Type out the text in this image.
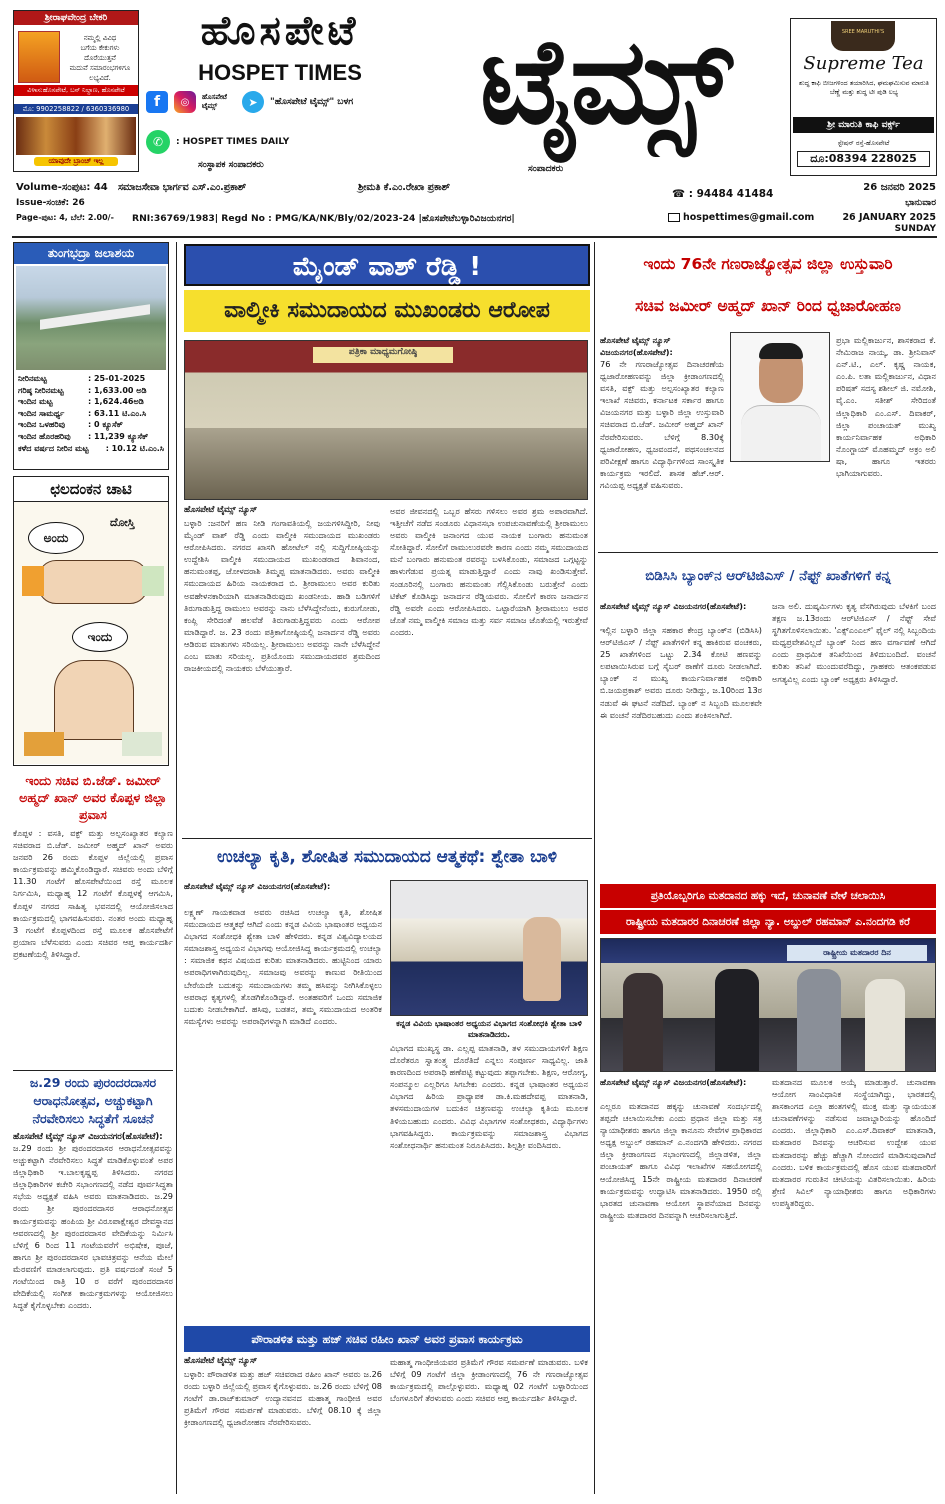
ಶ್ರೀರಾಘವೇಂದ್ರ ಬೇಕರಿ
ನಮ್ಮಲ್ಲಿ ವಿವಿಧ
ಬಗೆಯ ಕೇಕುಗಳು
ದೊರೆಯುತ್ತವೆ
ಮದುವೆ ಸಮಾರಂಭಗಳಿಗೂ ಲಭ್ಯವಿದೆ.
ವಿಳಾಸ:ಹೊಸಪೇಟೆ, ಬಸ್ ನಿಲ್ದಾಣ, ಹೊಸಪೇಟೆ
ಮೊ: 9902258822 / 6360336980
ಯಾವುದೇ ಬ್ರಾಂಚ್ ಇಲ್ಲ
ಹೊಸಪೇಟೆ
HOSPET TIMES
f	◎	ಹೊಸಪೇಟೆ ಟೈಮ್ಸ್	➤	"ಹೊಸಪೇಟೆ ಟೈಮ್ಸ್" ಬಳಗ
✆	: HOSPET TIMES DAILY	ಟೈಮ್ಸ್	SREE MARUTHI'S
Supreme Tea
ಶುದ್ಧ ಕಾಫಿ ಬೀಜಗಳಿಂದ ತಯಾರಿಸಿದ, ಘಮಘಮಿಸುವ ಮಾರುತಿ ಬೆಣ್ಣೆ ಮತ್ತು ಶುದ್ಧ ಟೀ ಪುಡಿ ಲಭ್ಯ
ಶ್ರೀ ಮಾರುತಿ ಕಾಫಿ ವರ್ಕ್ಸ್
ಸ್ಟೇಷನ್ ರಸ್ತೆ-ಹೊಸಪೇಟೆ
ದೂ:08394 228025
ಸಂಸ್ಥಾಪಕ ಸಂಪಾದಕರು	ಸಂಪಾದಕರು
ಸಮಾಜಸೇವಾ ಭಾರ್ಗವ ಎಸ್.ಎಂ.ಪ್ರಕಾಶ್	ಶ್ರೀಮತಿ ಕೆ.ಎಂ.ರೇಖಾ ಪ್ರಕಾಶ್
Volume-ಸಂಪುಟ: 44
Issue-ಸಂಚಿಕೆ: 26
Page-ಪುಟ: 4, ಬೆಲೆ: 2.00/-
☎ : 94484 41484
26 ಜನವರಿ 2025
ಭಾನುವಾರ
RNI:36769/1983| Regd No : PMG/KA/NK/Bly/02/2023-24 |ಹೊಸಪೇಟೆಬಳ್ಳಾರಿವಿಜಯನಗರ|	hospettimes@gmail.com	26 JANUARY 2025
SUNDAY
ತುಂಗಭದ್ರಾ ಜಲಾಶಯ
ನೀರಿನಮಟ್ಟ	: 25-01-2025
ಗರಿಷ್ಠ ನೀರಿನಮಟ್ಟ	: 1,633.00 ಅಡಿ
ಇಂದಿನ ಮಟ್ಟ	: 1,624.46ಅಡಿ
ಇಂದಿನ ಸಾಮರ್ಥ್ಯ	: 63.11 ಟಿ.ಎಂ.ಸಿ
ಇಂದಿನ ಒಳಹರಿವು	: 0 ಕ್ಯೂಸೆಕ್
ಇಂದಿನ ಹೊರಹರಿವು	: 11,239 ಕ್ಯೂಸೆಕ್
ಕಳೆದ ವರ್ಷದ ನೀರಿನ ಮಟ್ಟ	: 10.12 ಟಿ.ಎಂ.ಸಿ
ಛಲದಂಕನ ಚಾಟಿ
ಅಂದು
ದೋಸ್ತಿ
ಇಂದು
ಇಂದು ಸಚಿವ ಬಿ.ಜೆಡ್. ಜಮೀರ್ ಅಹ್ಮದ್ ಖಾನ್ ಅವರ ಕೊಪ್ಪಳ ಜಿಲ್ಲಾ ಪ್ರವಾಸ
ಕೊಪ್ಪಳ : ವಸತಿ, ವಕ್ಫ್ ಮತ್ತು ಅಲ್ಪಸಂಖ್ಯಾತರ ಕಲ್ಯಾಣ ಸಚಿವರಾದ ಬಿ.ಜೆಡ್. ಜಮೀರ್ ಅಹ್ಮದ್ ಖಾನ್ ಅವರು ಜನವರಿ 26 ರಂದು ಕೊಪ್ಪಳ ಜಿಲ್ಲೆಯಲ್ಲಿ ಪ್ರವಾಸ ಕಾರ್ಯಕ್ರಮವನ್ನು ಹಮ್ಮಿಕೊಂಡಿದ್ದಾರೆ. ಸಚಿವರು ಅಂದು ಬೆಳಿಗ್ಗೆ 11.30 ಗಂಟೆಗೆ ಹೊಸಪೇಟೆಯಿಂದ ರಸ್ತೆ ಮೂಲಕ ನಿರ್ಗಮಿಸಿ, ಮಧ್ಯಾಹ್ನ 12 ಗಂಟೆಗೆ ಕೊಪ್ಪಳಕ್ಕೆ ಆಗಮಿಸಿ, ಕೊಪ್ಪಳ ನಗರದ ಸಾಹಿತ್ಯ ಭವನದಲ್ಲಿ ಆಯೋಜಿಸಲಾದ ಕಾರ್ಯಕ್ರಮದಲ್ಲಿ ಭಾಗವಹಿಸುವರು. ನಂತರ ಅಂದು ಮಧ್ಯಾಹ್ನ 3 ಗಂಟೆಗೆ ಕೊಪ್ಪಳದಿಂದ ರಸ್ತೆ ಮೂಲಕ ಹೊಸಪೇಟೆಗೆ ಪ್ರಯಾಣ ಬೆಳೆಸುವರು ಎಂದು ಸಚಿವರ ಆಪ್ತ ಕಾರ್ಯದರ್ಶಿ ಪ್ರಕಟಣೆಯಲ್ಲಿ ತಿಳಿಸಿದ್ದಾರೆ.
ಜ.29 ರಂದು ಪುರಂದರದಾಸರ ಆರಾಧನೋತ್ಸವ, ಅಚ್ಚುಕಟ್ಟಾಗಿ ನೆರವೇರಿಸಲು ಸಿದ್ಧತೆಗೆ ಸೂಚನೆ
ಹೊಸಪೇಟೆ ಟೈಮ್ಸ್ ನ್ಯೂಸ್ ವಿಜಯನಗರ(ಹೊಸಪೇಟೆ):
ಜ.29 ರಂದು ಶ್ರೀ ಪುರಂದರದಾಸರ ಆರಾಧನೋತ್ಸವವನ್ನು ಅಚ್ಚುಕಟ್ಟಾಗಿ ನೆರವೇರಿಸಲು ಸಿದ್ಧತೆ ಮಾಡಿಕೊಳ್ಳುವಂತೆ ಅಪರ ಜಿಲ್ಲಾಧಿಕಾರಿ ಇ.ಬಾಲಕೃಷ್ಣಪ್ಪ ತಿಳಿಸಿದರು. ನಗರದ ಜಿಲ್ಲಾಧಿಕಾರಿಗಳ ಕಚೇರಿ ಸಭಾಂಗಣದಲ್ಲಿ ನಡೆದ ಪೂರ್ವಸಿದ್ಧತಾ ಸಭೆಯ ಅಧ್ಯಕ್ಷತೆ ವಹಿಸಿ ಅವರು ಮಾತನಾಡಿದರು. ಜ.29 ರಂದು ಶ್ರೀ ಪುರಂದರದಾಸರ ಆರಾಧನೋತ್ಸವ ಕಾರ್ಯಕ್ರಮವನ್ನು ಹಂಪಿಯ ಶ್ರೀ ವಿರೂಪಾಕ್ಷೇಶ್ವರ ದೇವಸ್ಥಾನದ ಆವರಣದಲ್ಲಿ ಶ್ರೀ ಪುರಂದರದಾಸರ ವೇದಿಕೆಯನ್ನು ನಿರ್ಮಿಸಿ ಬೆಳಿಗ್ಗೆ 6 ರಿಂದ 11 ಗಂಟೆಯವರೆಗೆ ಅಭಿಷೇಕ, ಪೂಜೆ, ಹಾಗೂ ಶ್ರೀ ಪುರಂದರದಾಸರ ಭಾವಚಿತ್ರವನ್ನು ಆನೆಯ ಮೇಲೆ ಮೆರವಣಿಗೆ ಮಾಡಲಾಗುವುದು. ಪ್ರತಿ ವರ್ಷದಂತೆ ಸಂಜೆ 5 ಗಂಟೆಯಿಂದ ರಾತ್ರಿ 10 ರ ವರೆಗೆ ಪುರಂದರದಾಸರ ವೇದಿಕೆಯಲ್ಲಿ ಸಂಗೀತ ಕಾರ್ಯಕ್ರಮಗಳನ್ನು ಆಯೋಜಿಸಲು ಸಿದ್ಧತೆ ಕೈಗೊಳ್ಳಬೇಕು ಎಂದರು.
ಮೈಂಡ್ ವಾಶ್ ರೆಡ್ಡಿ !
ವಾಲ್ಮೀಕಿ ಸಮುದಾಯದ ಮುಖಂಡರು ಆರೋಪ
ಪತ್ರಿಕಾ ಮಾಧ್ಯಮಗೋಷ್ಠಿ
ಹೊಸಪೇಟೆ ಟೈಮ್ಸ್ ನ್ಯೂಸ್
ಬಳ್ಳಾರಿ :ಜನರಿಗೆ ಹಣ ನೀಡಿ ಗಂಗಾವತಿಯಲ್ಲಿ ಜಯಗಳಿಸಿದ್ದೀರಿ, ನೀವು ಮೈಂಡ್ ವಾಶ್ ರೆಡ್ಡಿ ಎಂದು ವಾಲ್ಮೀಕಿ ಸಮುದಾಯದ ಮುಖಂಡರು ಆರೋಪಿಸಿದರು. ನಗರದ ಖಾಸಗಿ ಹೋಟೆಲ್ ನಲ್ಲಿ ಸುದ್ದಿಗೋಷ್ಠಿಯನ್ನು ಉದ್ದೇಶಿಸಿ ವಾಲ್ಮೀಕಿ ಸಮುದಾಯದ ಮುಖಂಡರಾದ ಶಿವಾನಂದ, ಹನುಮಂತಪ್ಪ, ಜೋಳದರಾಶಿ ತಿಮ್ಮಪ್ಪ ಮಾತನಾಡಿದರು. ಅವರು ವಾಲ್ಮೀಕಿ ಸಮುದಾಯದ ಹಿರಿಯ ನಾಯಕರಾದ ಬಿ. ಶ್ರೀರಾಮುಲು ಅವರ ಕುರಿತು ಅವಹೇಳನಕಾರಿಯಾಗಿ ಮಾತನಾಡಿರುವುದು ಖಂಡನೀಯ. ಹಾಡಿ ಬಡಿಗಳಿಗೆ ತಿರುಗಾಡುತ್ತಿದ್ದ ರಾಮುಲು ಅವರನ್ನು ನಾನು ಬೆಳೆಸಿದ್ದೇನೆಂದು, ಕುರುಗೋಡು, ಕಂಪ್ಲಿ ಸೇರಿದಂತೆ ಹಲವೆಡೆ ತಿರುಗಾಡುತ್ತಿದ್ದವರು ಎಂದು ಆರೋಪ ಮಾಡಿದ್ದಾರೆ. ಜ. 23 ರಂದು ಪತ್ರಿಕಾಗೋಷ್ಠಿಯಲ್ಲಿ ಜನಾರ್ದನ ರೆಡ್ಡಿ ಅವರು ಆಡಿರುವ ಮಾತುಗಳು ಸರಿಯಲ್ಲ. ಶ್ರೀರಾಮುಲು ಅವರನ್ನು ನಾನೇ ಬೆಳೆಸಿದ್ದೇನೆ ಎಂಬ ಮಾತು ಸರಿಯಲ್ಲ. ಪ್ರತಿಯೊಂದು ಸಮುದಾಯದವರ ಶ್ರಮದಿಂದ ರಾಜಕೀಯದಲ್ಲಿ ನಾಯಕರು ಬೆಳೆಯುತ್ತಾರೆ.
ಅವರ ಜೀವನದಲ್ಲಿ ಒಬ್ಬರ ಹೆಸರು ಗಳಿಸಲು ಅವರ ಶ್ರಮ ಅಪಾರವಾಗಿದೆ. ಇತ್ತೀಚೆಗೆ ನಡೆದ ಸಂಡೂರು ವಿಧಾನಸಭಾ ಉಪಚುನಾವಣೆಯಲ್ಲಿ ಶ್ರೀರಾಮುಲು ಅವರು ವಾಲ್ಮೀಕಿ ಜನಾಂಗದ ಯುವ ನಾಯಕ ಬಂಗಾರು ಹನುಮಂತ ಸೋತಿದ್ದಾರೆ. ಸೋಲಿಗೆ ರಾಮುಲುರವರೇ ಕಾರಣ ಎಂದು ನಮ್ಮ ಸಮುದಾಯದ ಮನೆ ಬಂಗಾರು ಹನುಮಂತ ರವರನ್ನು ಬಳಸಿಕೊಂಡು, ಸಮಾಜದ ಒಗ್ಗಟ್ಟನ್ನು ಹಾಳುಗೆಡುವ ಪ್ರಯತ್ನ ಮಾಡುತ್ತಿದ್ದಾರೆ ಎಂದು ನಾವು ಖಂಡಿಸುತ್ತೇವೆ. ಸಂಡೂರಿನಲ್ಲಿ ಬಂಗಾರು ಹನುಮಂತು ಗೆಲ್ಲಿಸಿಕೊಂಡು ಬರುತ್ತೇನೆ ಎಂದು ಟಿಕೆಟ್ ಕೊಡಿಸಿದ್ದು ಜನಾರ್ದನ ರೆಡ್ಡಿಯವರು. ಸೋಲಿಗೆ ಕಾರಣ ಜನಾರ್ದನ ರೆಡ್ಡಿ ಅವರೇ ಎಂದು ಆರೋಪಿಸಿದರು. ಒಟ್ಟಾರೆಯಾಗಿ ಶ್ರೀರಾಮುಲು ಅವರ ಜೊತೆ ನಮ್ಮ ವಾಲ್ಮೀಕಿ ಸಮಾಜ ಮತ್ತು ಸರ್ವ ಸಮಾಜ ಜೊತೆಯಲ್ಲಿ ಇರುತ್ತೇವೆ ಎಂದರು.
ಉಚಲ್ಯಾ ಕೃತಿ, ಶೋಷಿತ ಸಮುದಾಯದ ಆತ್ಮಕಥೆ: ಶ್ವೇತಾ ಬಾಳಿ
ಹೊಸಪೇಟೆ ಟೈಮ್ಸ್ ನ್ಯೂಸ್ ವಿಜಯನಗರ(ಹೊಸಪೇಟೆ):
ಲಕ್ಷ್ಮಣ್ ಗಾಯಕವಾಡ ಅವರು ರಚಿಸಿದ ಉಚಲ್ಯಾ ಕೃತಿ, ಶೋಷಿತ ಸಮುದಾಯದ ಆತ್ಮಕಥೆ ಆಗಿದೆ ಎಂದು ಕನ್ನಡ ವಿವಿಯ ಭಾಷಾಂತರ ಅಧ್ಯಯನ ವಿಭಾಗದ ಸಂಶೋಧಕಿ ಶ್ವೇತಾ ಬಾಳಿ ಹೇಳಿದರು. ಕನ್ನಡ ವಿಶ್ವವಿದ್ಯಾಲಯದ ಸಮಾಜಶಾಸ್ತ್ರ ಅಧ್ಯಯನ ವಿಭಾಗವು ಆಯೋಜಿಸಿದ್ದ ಕಾರ್ಯಕ್ರಮದಲ್ಲಿ ಉಚಲ್ಯಾ : ಸಮಾಜಿಕ ಕಥನ ವಿಷಯದ ಕುರಿತು ಮಾತನಾಡಿದರು. ಹುಟ್ಟಿನಿಂದ ಯಾರು ಅಪರಾಧಿಗಳಾಗಿರುವುದಿಲ್ಲ. ಸಮಾಜವು ಅವರನ್ನು ಕಾಣುವ ರೀತಿಯಿಂದ ಬೇರೆಯದೇ ಬದುಕನ್ನು ಸಮುದಾಯಗಳು ತಮ್ಮ ಹಸಿವನ್ನು ನೀಗಿಸಿಕೊಳ್ಳಲು ಅಪರಾಧ ಕೃತ್ಯಗಳಲ್ಲಿ ತೊಡಗಿಕೊಂಡಿದ್ದಾರೆ. ಅಂತಹವರಿಗೆ ಒಂದು ಸಮಾಜಿಕ ಬದುಕು ನೀಡಬೇಕಾಗಿದೆ. ಹಸಿವು, ಬಡತನ, ತಮ್ಮ ಸಮುದಾಯದ ಅಂತರಿಕ ಸಮಸ್ಯೆಗಳು ಅವರನ್ನು ಅಪರಾಧಿಗಳನ್ನಾಗಿ ಮಾಡಿದೆ ಎಂದರು.	ಕನ್ನಡ ವಿವಿಯ ಭಾಷಾಂತರ ಅಧ್ಯಯನ ವಿಭಾಗದ ಸಂಶೋಧಕಿ ಶ್ವೇತಾ ಬಾಳಿ ಮಾತನಾಡಿದರು.
ವಿಭಾಗದ ಮುಖ್ಯಸ್ಥ ಡಾ. ಎಲ್ಲಪ್ಪ ಮಾತನಾಡಿ, ತಳ ಸಮುದಾಯಗಳಿಗೆ ಶಿಕ್ಷಣ ದೊರೆತರೂ ಸ್ವಾತಂತ್ರ್ಯ ದೊರೆತಿದೆ ಎನ್ನಲು ಸಂಪೂರ್ಣ ಸಾಧ್ಯವಿಲ್ಲ. ಜಾತಿ ಕಾರಣದಿಂದ ಅಪರಾಧಿ ಹಣೆಪಟ್ಟಿ ಕಟ್ಟುವುದು ತಪ್ಪಾಗಬೇಕು. ಶಿಕ್ಷಣ, ಆರೋಗ್ಯ, ಸಂಪನ್ಮೂಲ ಎಲ್ಲರಿಗೂ ಸಿಗಬೇಕು ಎಂದರು. ಕನ್ನಡ ಭಾಷಾಂತರ ಅಧ್ಯಯನ ವಿಭಾಗದ ಹಿರಿಯ ಪ್ರಾಧ್ಯಾಪಕ ಡಾ.ಕಿ.ಮಹದೇವಪ್ಪ ಮಾತನಾಡಿ, ತಳಸಮುದಾಯಗಳ ಬದುಕಿನ ಚಿತ್ರಣವನ್ನು ಉಚಲ್ಯಾ ಕೃತಿಯ ಮೂಲಕ ತಿಳಿಯಬಹುದು ಎಂದರು. ವಿವಿಧ ವಿಭಾಗಗಳ ಸಂಶೋಧಕರು, ವಿದ್ಯಾರ್ಥಿಗಳು ಭಾಗವಹಿಸಿದ್ದರು. ಕಾರ್ಯಕ್ರಮವನ್ನು ಸಮಾಜಶಾಸ್ತ್ರ ವಿಭಾಗದ ಸಂಶೋಧನಾರ್ಥಿ ಹನುಮಂತ ನಿರೂಪಿಸಿದರು. ಶಿಲ್ಪಶ್ರೀ ವಂದಿಸಿದರು.
ಪೌರಾಡಳಿತ ಮತ್ತು ಹಜ್ ಸಚಿವ ರಹೀಂ ಖಾನ್ ಅವರ ಪ್ರವಾಸ ಕಾರ್ಯಕ್ರಮ
ಹೊಸಪೇಟೆ ಟೈಮ್ಸ್ ನ್ಯೂಸ್
ಬಳ್ಳಾರಿ: ಪೌರಾಡಳಿತ ಮತ್ತು ಹಜ್ ಸಚಿವರಾದ ರಹೀಂ ಖಾನ್ ಅವರು ಜ.26 ರಂದು ಬಳ್ಳಾರಿ ಜಿಲ್ಲೆಯಲ್ಲಿ ಪ್ರವಾಸ ಕೈಗೊಳ್ಳುವರು. ಜ.26 ರಂದು ಬೆಳಿಗ್ಗೆ 08 ಗಂಟೆಗೆ ಡಾ.ರಾಜ್‌ಕುಮಾರ್ ಉದ್ಯಾನವನದ ಮಹಾತ್ಮ ಗಾಂಧೀಜಿ ಅವರ ಪ್ರತಿಮೆಗೆ ಗೌರವ ಸಮರ್ಪಣೆ ಮಾಡುವರು. ಬೆಳಿಗ್ಗೆ 08.10 ಕ್ಕೆ ಜಿಲ್ಲಾ ಕ್ರೀಡಾಂಗಣದಲ್ಲಿ ಧ್ವಜಾರೋಹಣ ನೆರವೇರಿಸುವರು.
ಮಹಾತ್ಮ ಗಾಂಧೀಜಿಯವರ ಪ್ರತಿಮೆಗೆ ಗೌರವ ಸಮರ್ಪಣೆ ಮಾಡುವರು. ಬಳಿಕ ಬೆಳಿಗ್ಗೆ 09 ಗಂಟೆಗೆ ಜಿಲ್ಲಾ ಕ್ರೀಡಾಂಗಣದಲ್ಲಿ 76 ನೇ ಗಣರಾಜ್ಯೋತ್ಸವ ಕಾರ್ಯಕ್ರಮದಲ್ಲಿ ಪಾಲ್ಗೊಳ್ಳುವರು. ಮಧ್ಯಾಹ್ನ 02 ಗಂಟೆಗೆ ಬಳ್ಳಾರಿಯಿಂದ ಬೆಂಗಳೂರಿಗೆ ತೆರಳುವರು ಎಂದು ಸಚಿವರ ಆಪ್ತ ಕಾರ್ಯದರ್ಶಿ ತಿಳಿಸಿದ್ದಾರೆ.
ಇಂದು 76ನೇ ಗಣರಾಜ್ಯೋತ್ಸವ ಜಿಲ್ಲಾ ಉಸ್ತುವಾರಿ
ಸಚಿವ ಜಮೀರ್ ಅಹ್ಮದ್ ಖಾನ್ ರಿಂದ ಧ್ವಜಾರೋಹಣ
ಹೊಸಪೇಟೆ ಟೈಮ್ಸ್ ನ್ಯೂಸ್ ವಿಜಯನಗರ(ಹೊಸಪೇಟೆ):
76 ನೇ ಗಣರಾಜ್ಯೋತ್ಸವ ದಿನಾಚರಣೆಯ ಧ್ವಜಾರೋಹಣವನ್ನು ಜಿಲ್ಲಾ ಕ್ರೀಡಾಂಗಣದಲ್ಲಿ ವಸತಿ, ವಕ್ಫ್ ಮತ್ತು ಅಲ್ಪಸಂಖ್ಯಾತರ ಕಲ್ಯಾಣ ಇಲಾಖೆ ಸಚಿವರು, ಕರ್ನಾಟಕ ಸರ್ಕಾರ ಹಾಗೂ ವಿಜಯನಗರ ಮತ್ತು ಬಳ್ಳಾರಿ ಜಿಲ್ಲಾ ಉಸ್ತುವಾರಿ ಸಚಿವರಾದ ಬಿ.ಜೆಡ್. ಜಮೀರ್ ಅಹ್ಮದ್ ಖಾನ್ ನೆರವೇರಿಸುವರು. ಬೆಳಿಗ್ಗೆ 8.30ಕ್ಕೆ ಧ್ವಜಾರೋಹಣ, ಧ್ವಜವಂದನೆ, ಪಥಸಂಚಲನದ ಪರಿವೀಕ್ಷಣೆ ಹಾಗೂ ವಿದ್ಯಾರ್ಥಿಗಳಿಂದ ಸಾಂಸ್ಕೃತಿಕ ಕಾರ್ಯಕ್ರಮ ಇರಲಿದೆ. ಶಾಸಕ ಹೆಚ್.ಆರ್. ಗವಿಯಪ್ಪ ಅಧ್ಯಕ್ಷತೆ ವಹಿಸುವರು.
ಪ್ರಭಾ ಮಲ್ಲಿಕಾರ್ಜುನ, ಶಾಸಕರಾದ ಕೆ. ನೇಮಿರಾಜ ನಾಯ್ಕ, ಡಾ. ಶ್ರೀನಿವಾಸ್ ಎನ್.ಟಿ., ಎಲ್. ಕೃಷ್ಣ ನಾಯಕ, ಎಂ.ಪಿ. ಲತಾ ಮಲ್ಲಿಕಾರ್ಜುನ, ವಿಧಾನ ಪರಿಷತ್ ಸದಸ್ಯ ಶಶೀಲ್ ಜಿ. ನಮೋಶಿ, ವೈ.ಎಂ. ಸತೀಶ್ ಸೇರಿದಂತೆ ಜಿಲ್ಲಾಧಿಕಾರಿ ಎಂ.ಎಸ್. ದಿವಾಕರ್, ಜಿಲ್ಲಾ ಪಂಚಾಯತ್ ಮುಖ್ಯ ಕಾರ್ಯನಿರ್ವಾಹಕ ಅಧಿಕಾರಿ ನೊಂಗ್ಜಾಯ್ ಮೊಹಮ್ಮದ್ ಅಕ್ರಂ ಅಲಿ ಷಾ, ಹಾಗೂ ಇತರರು ಭಾಗಿಯಾಗುವರು.
ಬಿಡಿಸಿಸಿ ಬ್ಯಾಂಕ್‌ನ ಆರ್‌ಟಿಜಿಎಸ್ / ನೆಫ್ಟ್ ಖಾತೆಗಳಿಗೆ ಕನ್ನ
ಹೊಸಪೇಟೆ ಟೈಮ್ಸ್ ನ್ಯೂಸ್ ವಿಜಯನಗರ(ಹೊಸಪೇಟೆ):
ಇಲ್ಲಿನ ಬಳ್ಳಾರಿ ಜಿಲ್ಲಾ ಸಹಕಾರ ಕೇಂದ್ರ ಬ್ಯಾಂಕ್‌ನ (ಬಿಡಿಸಿಸಿ) ಆರ್‌ಟಿಜಿಎಸ್ / ನೆಫ್ಟ್ ಖಾತೆಗಳಿಗೆ ಕನ್ನ ಹಾಕಿರುವ ವಂಚಕರು, 25 ಖಾತೆಗಳಿಂದ ಒಟ್ಟು 2.34 ಕೋಟಿ ಹಣವನ್ನು ಲಪಟಾಯಿಸಿರುವ ಬಗ್ಗೆ ಸೈಬರ್ ಠಾಣೆಗೆ ದೂರು ನೀಡಲಾಗಿದೆ. ಬ್ಯಾಂಕ್ ನ ಮುಖ್ಯ ಕಾರ್ಯನಿರ್ವಾಹಕ ಅಧಿಕಾರಿ ಬಿ.ಜಯಪ್ರಕಾಶ್ ಅವರು ದೂರು ನೀಡಿದ್ದು, ಜ.10ರಿಂದ 13ರ ನಡುವೆ ಈ ಘಟನೆ ನಡೆದಿದೆ. ಬ್ಯಾಂಕ್ ನ ಸಿಬ್ಬಂದಿ ಮೂಲಕವೇ ಈ ವಂಚನೆ ನಡೆದಿರಬಹುದು ಎಂದು ಶಂಕಿಸಲಾಗಿದೆ.
ಜನಾ ಅಲಿ. ದುಷ್ಕರ್ಮಿಗಳು ಕೃತ್ಯ ವೆಸಗಿರುವುದು ಬೆಳಕಿಗೆ ಬಂದ ತಕ್ಷಣ ಜ.13ರಂದು ಆರ್‌ಟಿಜಿಎಸ್ / ನೆಫ್ಟ್ ಸೇವೆ ಸ್ಥಗಿತಗೊಳಿಸಲಾಯಿತು. 'ಎಕ್ಸ್‌ಎಂಎಲ್' ಫೈಲ್ ನಲ್ಲಿ ಸಿಬ್ಬಂದಿಯ ಮಧ್ಯಪ್ರವೇಶವಿಲ್ಲದೆ ಬ್ಯಾಂಕ್ ನಿಂದ ಹಣ ವರ್ಗಾವಣೆ ಆಗಿದೆ ಎಂದು ಪ್ರಾಥಮಿಕ ತನಿಖೆಯಿಂದ ತಿಳಿದುಬಂದಿದೆ. ವಂಚನೆ ಕುರಿತು ತನಿಖೆ ಮುಂದುವರೆದಿದ್ದು, ಗ್ರಾಹಕರು ಆತಂಕಪಡುವ ಅಗತ್ಯವಿಲ್ಲ ಎಂದು ಬ್ಯಾಂಕ್ ಅಧ್ಯಕ್ಷರು ತಿಳಿಸಿದ್ದಾರೆ.
ಪ್ರತಿಯೊಬ್ಬರಿಗೂ ಮತದಾನದ ಹಕ್ಕು ಇದೆ, ಚುನಾವಣೆ ವೇಳೆ ಚಲಾಯಿಸಿ
ರಾಷ್ಟ್ರೀಯ ಮತದಾರರ ದಿನಾಚರಣೆ ಜಿಲ್ಲಾ ನ್ಯಾ. ಅಬ್ದುಲ್ ರಹಮಾನ್ ಎ.ನಂದಗಡಿ ಕರೆ
ರಾಷ್ಟ್ರೀಯ ಮತದಾರರ ದಿನ
ಹೊಸಪೇಟೆ ಟೈಮ್ಸ್ ನ್ಯೂಸ್ ವಿಜಯನಗರ(ಹೊಸಪೇಟೆ):
ಎಲ್ಲರೂ ಮತದಾನದ ಹಕ್ಕನ್ನು ಚುನಾವಣೆ ಸಂದರ್ಭದಲ್ಲಿ ತಪ್ಪದೇ ಚಲಾಯಿಸಬೇಕು ಎಂದು ಪ್ರಧಾನ ಜಿಲ್ಲಾ ಮತ್ತು ಸತ್ರ ನ್ಯಾಯಾಧೀಶರು ಹಾಗೂ ಜಿಲ್ಲಾ ಕಾನೂನು ಸೇವೆಗಳ ಪ್ರಾಧಿಕಾರದ ಅಧ್ಯಕ್ಷ ಅಬ್ದುಲ್ ರಹಮಾನ್ ಎ.ನಂದಗಡಿ ಹೇಳಿದರು. ನಗರದ ಜಿಲ್ಲಾ ಕ್ರೀಡಾಂಗಣದ ಸಭಾಂಗಣದಲ್ಲಿ ಜಿಲ್ಲಾಡಳಿತ, ಜಿಲ್ಲಾ ಪಂಚಾಯತ್ ಹಾಗೂ ವಿವಿಧ ಇಲಾಖೆಗಳ ಸಹಯೋಗದಲ್ಲಿ ಆಯೋಜಿಸಿದ್ದ 15ನೇ ರಾಷ್ಟ್ರೀಯ ಮತದಾರರ ದಿನಾಚರಣೆ ಕಾರ್ಯಕ್ರಮವನ್ನು ಉದ್ಘಾಟಿಸಿ ಮಾತನಾಡಿದರು. 1950 ರಲ್ಲಿ ಭಾರತದ ಚುನಾವಣಾ ಆಯೋಗ ಸ್ಥಾಪನೆಯಾದ ದಿನವನ್ನು ರಾಷ್ಟ್ರೀಯ ಮತದಾರರ ದಿನವನ್ನಾಗಿ ಆಚರಿಸಲಾಗುತ್ತಿದೆ.
ಮತದಾನದ ಮೂಲಕ ಅಯ್ಕೆ ಮಾಡುತ್ತಾರೆ. ಚುನಾವಣಾ ಆಯೋಗ ಸಾಂವಿಧಾನಿಕ ಸಂಸ್ಥೆಯಾಗಿದ್ದು, ಭಾರತದಲ್ಲಿ ಶಾಸಕಾಂಗದ ಎಲ್ಲಾ ಹಂತಗಳಲ್ಲಿ ಮುಕ್ತ ಮತ್ತು ನ್ಯಾಯಯುತ ಚುನಾವಣೆಗಳನ್ನು ನಡೆಸುವ ಜವಾಬ್ದಾರಿಯನ್ನು ಹೊಂದಿದೆ ಎಂದರು. ಜಿಲ್ಲಾಧಿಕಾರಿ ಎಂ.ಎಸ್.ದಿವಾಕರ್ ಮಾತನಾಡಿ, ಮತದಾರರ ದಿನವನ್ನು ಆಚರಿಸುವ ಉದ್ದೇಶ ಯುವ ಮತದಾರರನ್ನು ಹೆಚ್ಚು ಹೆಚ್ಚಾಗಿ ನೋಂದಣಿ ಮಾಡಿಸುವುದಾಗಿದೆ ಎಂದರು. ಬಳಿಕ ಕಾರ್ಯಕ್ರಮದಲ್ಲಿ ಹೊಸ ಯುವ ಮತದಾರರಿಗೆ ಮತದಾರರ ಗುರುತಿನ ಚೀಟಿಯನ್ನು ವಿತರಿಸಲಾಯಿತು. ಹಿರಿಯ ಶ್ರೇಣಿ ಸಿವಿಲ್ ನ್ಯಾಯಾಧೀಶರು ಹಾಗೂ ಅಧಿಕಾರಿಗಳು ಉಪಸ್ಥಿತರಿದ್ದರು.
